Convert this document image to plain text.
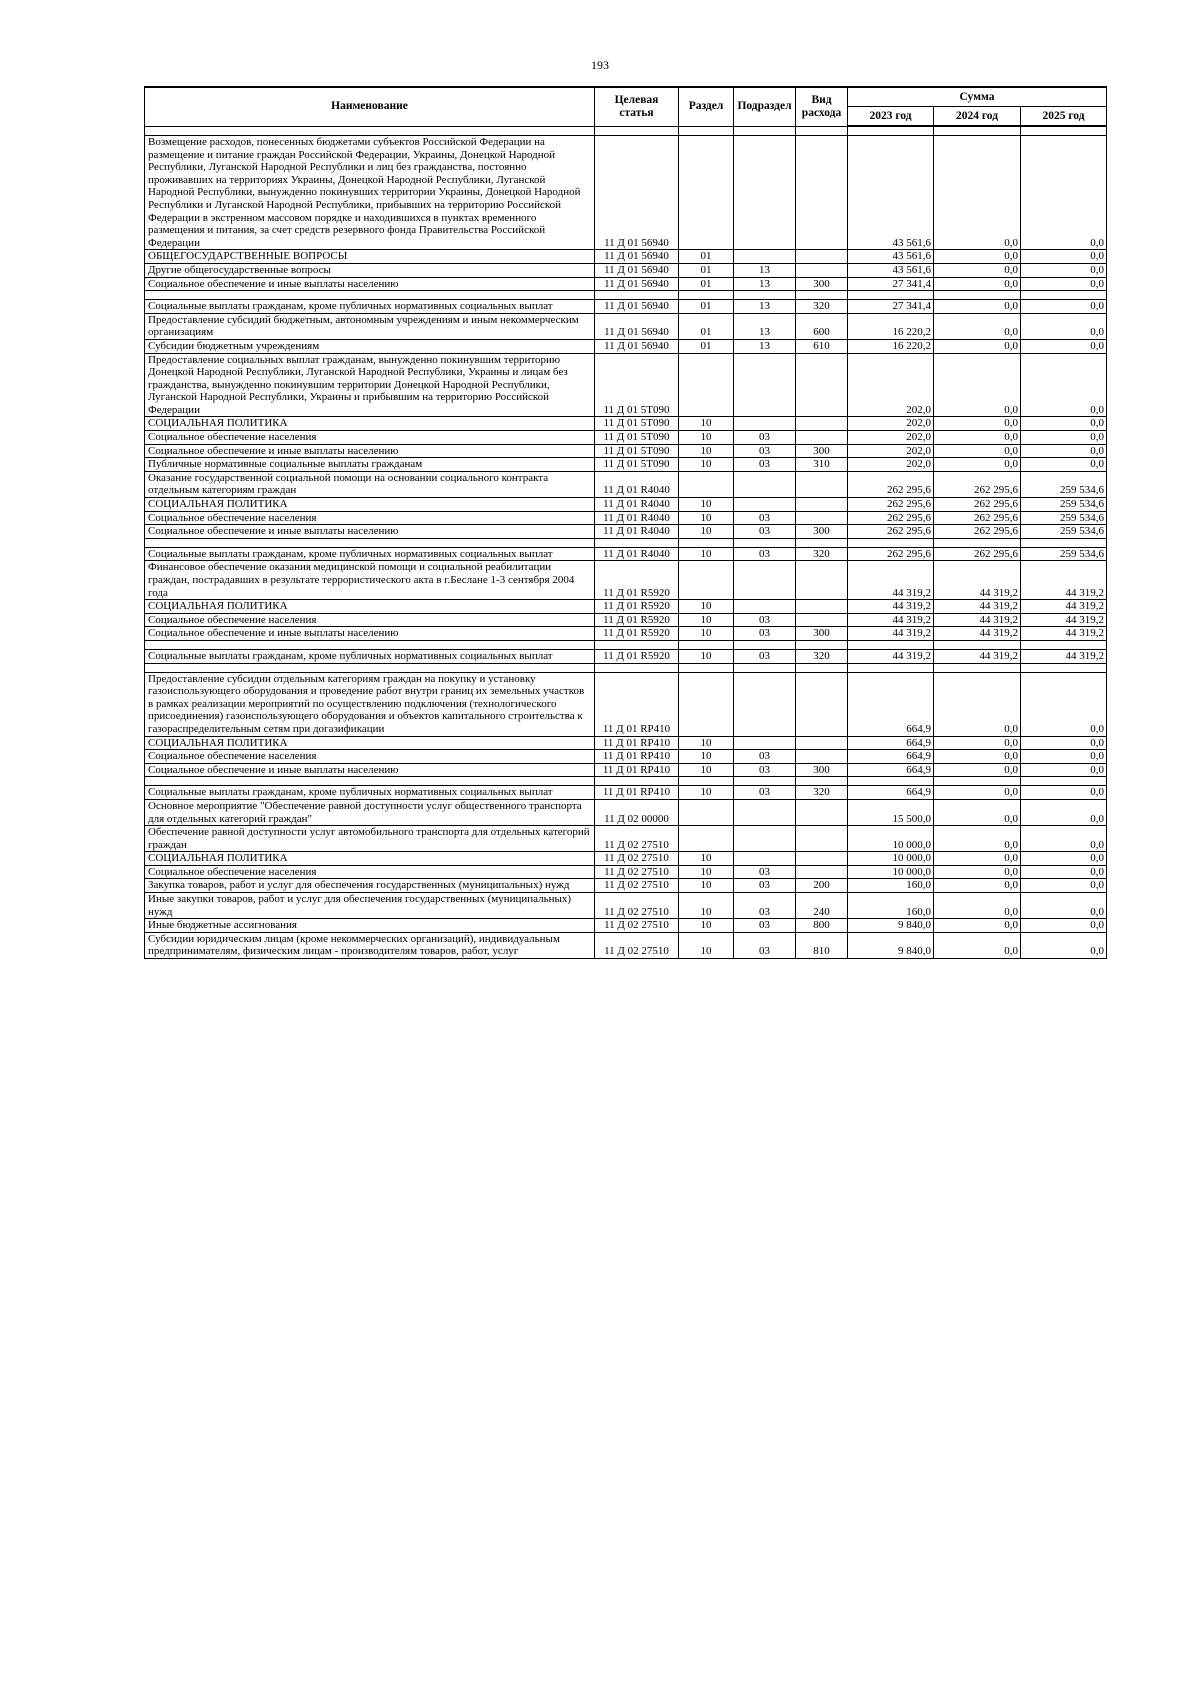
193
Наименование	Целевая статья	Раздел	Подраздел	Вид расхода	Сумма		
					2023 год	2024 год	2025 год

Возмещение расходов, понесенных бюджетами субъектов Российской Федерации на размещение и питание граждан Российской Федерации, Украины, Донецкой Народной Республики, Луганской Народной Республики и лиц без гражданства, постоянно проживавших на территориях Украины, Донецкой Народной Республики, Луганской Народной Республики, вынужденно покинувших территории Украины, Донецкой Народной Республики и Луганской Народной Республики, прибывших на территорию Российской Федерации в экстренном массовом порядке и находившихся в пунктах временного размещения и питания, за счет средств резервного фонда Правительства Российской Федерации	11 Д 01 56940				43 561,6	0,0	0,0
ОБЩЕГОСУДАРСТВЕННЫЕ ВОПРОСЫ	11 Д 01 56940	01			43 561,6	0,0	0,0
Другие общегосударственные вопросы	11 Д 01 56940	01	13		43 561,6	0,0	0,0
Социальное обеспечение и иные выплаты населению	11 Д 01 56940	01	13	300	27 341,4	0,0	0,0

Социальные выплаты гражданам, кроме публичных нормативных социальных выплат	11 Д 01 56940	01	13	320	27 341,4	0,0	0,0
Предоставление субсидий бюджетным, автономным учреждениям и иным некоммерческим организациям	11 Д 01 56940	01	13	600	16 220,2	0,0	0,0
Субсидии бюджетным учреждениям	11 Д 01 56940	01	13	610	16 220,2	0,0	0,0
Предоставление социальных выплат гражданам, вынужденно покинувшим территорию Донецкой Народной Республики, Луганской Народной Республики, Украины и лицам без гражданства, вынужденно покинувшим территории Донецкой Народной Республики, Луганской Народной Республики, Украины и прибывшим на территорию Российской Федерации	11 Д 01 5Т090				202,0	0,0	0,0
СОЦИАЛЬНАЯ ПОЛИТИКА	11 Д 01 5Т090	10			202,0	0,0	0,0
Социальное обеспечение населения	11 Д 01 5Т090	10	03		202,0	0,0	0,0
Социальное обеспечение и иные выплаты населению	11 Д 01 5Т090	10	03	300	202,0	0,0	0,0
Публичные нормативные социальные выплаты гражданам	11 Д 01 5Т090	10	03	310	202,0	0,0	0,0
Оказание государственной социальной помощи на основании социального контракта отдельным категориям граждан	11 Д 01 R4040				262 295,6	262 295,6	259 534,6
СОЦИАЛЬНАЯ ПОЛИТИКА	11 Д 01 R4040	10			262 295,6	262 295,6	259 534,6
Социальное обеспечение населения	11 Д 01 R4040	10	03		262 295,6	262 295,6	259 534,6
Социальное обеспечение и иные выплаты населению	11 Д 01 R4040	10	03	300	262 295,6	262 295,6	259 534,6

Социальные выплаты гражданам, кроме публичных нормативных социальных выплат	11 Д 01 R4040	10	03	320	262 295,6	262 295,6	259 534,6
Финансовое обеспечение оказания медицинской помощи и социальной реабилитации граждан, пострадавших в результате террористического акта в г.Беслане 1-3 сентября 2004 года	11 Д 01 R5920				44 319,2	44 319,2	44 319,2
СОЦИАЛЬНАЯ ПОЛИТИКА	11 Д 01 R5920	10			44 319,2	44 319,2	44 319,2
Социальное обеспечение населения	11 Д 01 R5920	10	03		44 319,2	44 319,2	44 319,2
Социальное обеспечение и иные выплаты населению	11 Д 01 R5920	10	03	300	44 319,2	44 319,2	44 319,2

Социальные выплаты гражданам, кроме публичных нормативных социальных выплат	11 Д 01 R5920	10	03	320	44 319,2	44 319,2	44 319,2

Предоставление субсидии отдельным категориям граждан на покупку и установку газоиспользующего оборудования и проведение работ внутри границ их земельных участков в рамках реализации мероприятий по осуществлению подключения (технологического присоединения) газоиспользующего оборудования и объектов капитального строительства к газораспределительным сетям при догазификации	11 Д 01 RP410				664,9	0,0	0,0
СОЦИАЛЬНАЯ ПОЛИТИКА	11 Д 01 RP410	10			664,9	0,0	0,0
Социальное обеспечение населения	11 Д 01 RP410	10	03		664,9	0,0	0,0
Социальное обеспечение и иные выплаты населению	11 Д 01 RP410	10	03	300	664,9	0,0	0,0

Социальные выплаты гражданам, кроме публичных нормативных социальных выплат	11 Д 01 RP410	10	03	320	664,9	0,0	0,0
Основное мероприятие "Обеспечение равной доступности услуг общественного транспорта для отдельных категорий граждан"	11 Д 02 00000				15 500,0	0,0	0,0
Обеспечение равной доступности услуг автомобильного транспорта для отдельных категорий граждан	11 Д 02 27510				10 000,0	0,0	0,0
СОЦИАЛЬНАЯ ПОЛИТИКА	11 Д 02 27510	10			10 000,0	0,0	0,0
Социальное обеспечение населения	11 Д 02 27510	10	03		10 000,0	0,0	0,0
Закупка товаров, работ и услуг для обеспечения государственных (муниципальных) нужд	11 Д 02 27510	10	03	200	160,0	0,0	0,0
Иные закупки товаров, работ и услуг для обеспечения государственных (муниципальных) нужд	11 Д 02 27510	10	03	240	160,0	0,0	0,0
Иные бюджетные ассигнования	11 Д 02 27510	10	03	800	9 840,0	0,0	0,0
Субсидии юридическим лицам (кроме некоммерческих организаций), индивидуальным предпринимателям, физическим лицам - производителям товаров, работ, услуг	11 Д 02 27510	10	03	810	9 840,0	0,0	0,0
